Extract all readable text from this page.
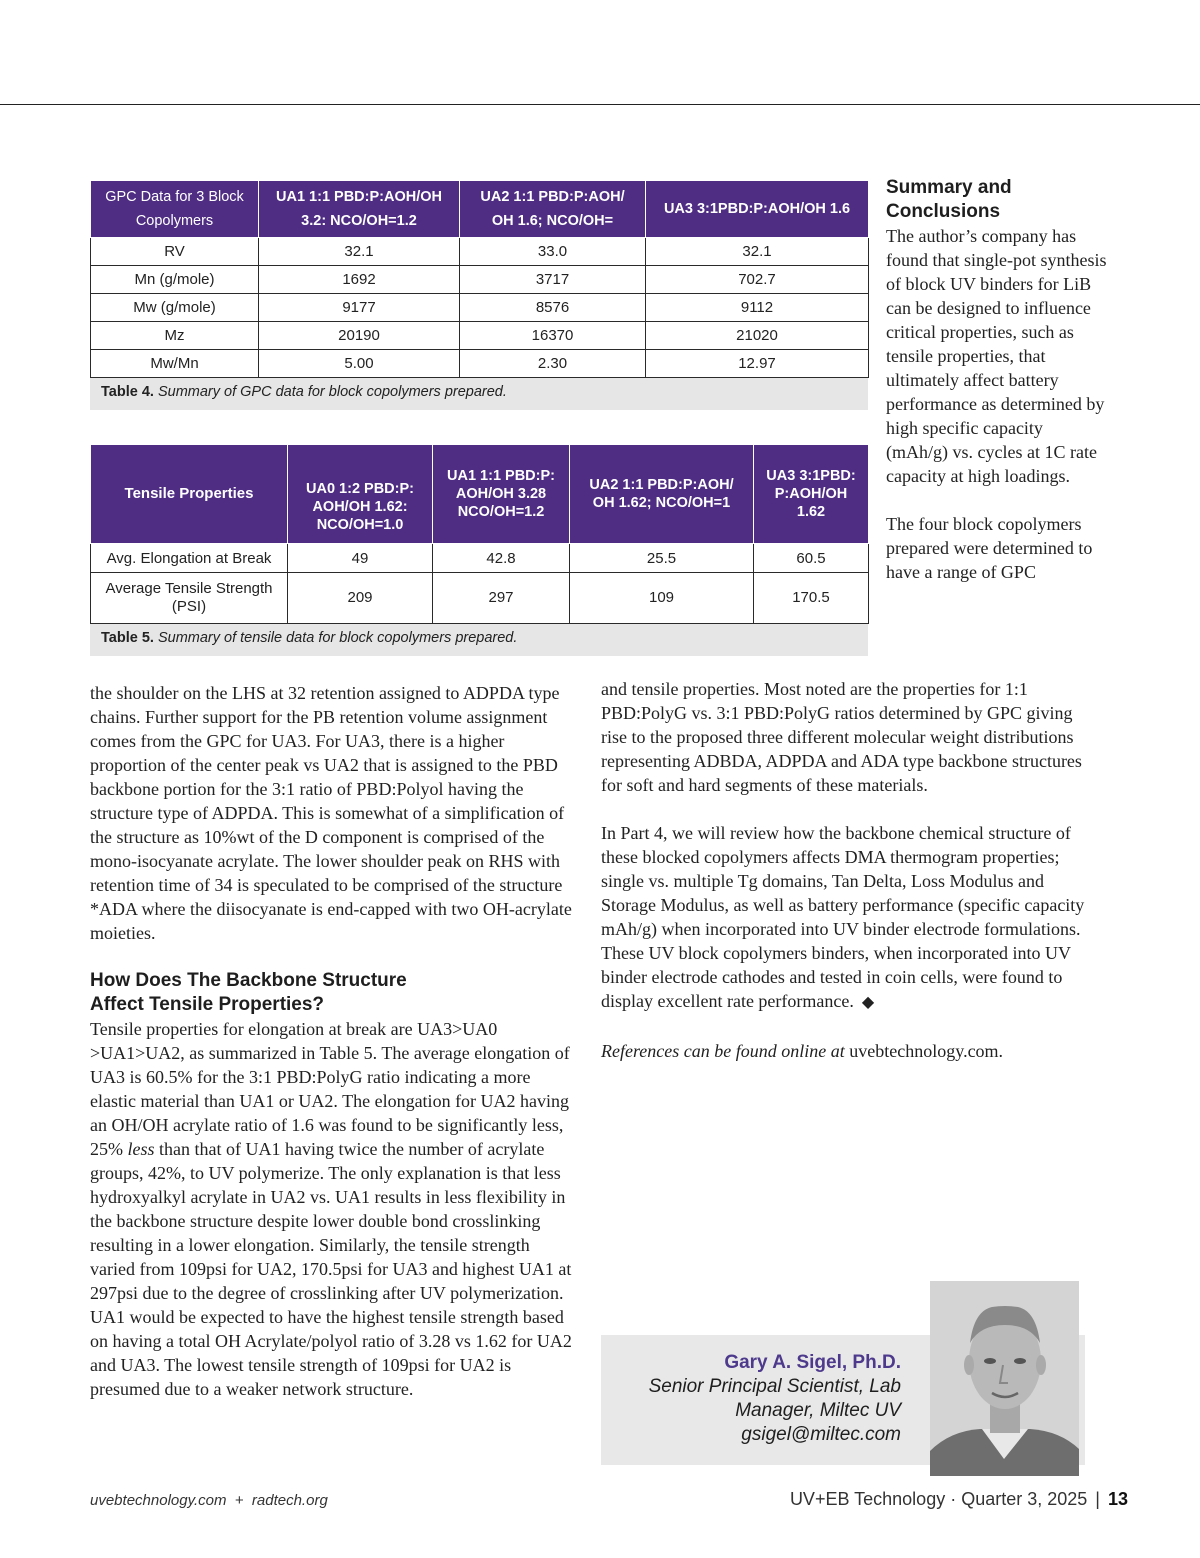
GPC Data for 3 Block Copolymers	UA1 1:1 PBD:P:AOH/OH 3.2: NCO/OH=1.2	UA2 1:1 PBD:P:AOH/ OH 1.6; NCO/OH=	UA3 3:1PBD:P:AOH/OH 1.6
RV	32.1	33.0	32.1
Mn (g/mole)	1692	3717	702.7
Mw (g/mole)	9177	8576	9112
Mz	20190	16370	21020
Mw/Mn	5.00	2.30	12.97
Table 4. Summary of GPC data for block copolymers prepared.
Tensile Properties	UA0 1:2 PBD:P: AOH/OH 1.62: NCO/OH=1.0	UA1 1:1 PBD:P: AOH/OH 3.28 NCO/OH=1.2	UA2 1:1 PBD:P:AOH/ OH 1.62; NCO/OH=1	UA3 3:1PBD: P:AOH/OH 1.62
Avg. Elongation at Break	49	42.8	25.5	60.5
Average Tensile Strength (PSI)	209	297	109	170.5
Table 5. Summary of tensile data for block copolymers prepared.
Summary and Conclusions

The author’s company has found that single-pot synthesis of block UV binders for LiB can be designed to influence critical properties, such as tensile properties, that ultimately affect battery performance as determined by high specific capacity (mAh/g) vs. cycles at 1C rate capacity at high loadings.

The four block copolymers prepared were determined to have a range of GPC

the shoulder on the LHS at 32 retention assigned to ADPDA type chains. Further support for the PB retention volume assignment comes from the GPC for UA3. For UA3, there is a higher proportion of the center peak vs UA2 that is assigned to the PBD backbone portion for the 3:1 ratio of PBD:Polyol having the structure type of ADPDA. This is somewhat of a simplification of the structure as 10%wt of the D component is comprised of the mono-isocyanate acrylate. The lower shoulder peak on RHS with retention time of 34 is speculated to be comprised of the structure *ADA where the diisocyanate is end-capped with two OH-acrylate moieties.

How Does The Backbone Structure Affect Tensile Properties?

Tensile properties for elongation at break are UA3>UA0 >UA1>UA2, as summarized in Table 5. The average elongation of UA3 is 60.5% for the 3:1 PBD:PolyG ratio indicating a more elastic material than UA1 or UA2. The elongation for UA2 having an OH/OH acrylate ratio of 1.6 was found to be significantly less, 25% less than that of UA1 having twice the number of acrylate groups, 42%, to UV polymerize. The only explanation is that less hydroxyalkyl acrylate in UA2 vs. UA1 results in less flexibility in the backbone structure despite lower double bond crosslinking resulting in a lower elongation. Similarly, the tensile strength varied from 109psi for UA2, 170.5psi for UA3 and highest UA1 at 297psi due to the degree of crosslinking after UV polymerization. UA1 would be expected to have the highest tensile strength based on having a total OH Acrylate/polyol ratio of 3.28 vs 1.62 for UA2 and UA3. The lowest tensile strength of 109psi for UA2 is presumed due to a weaker network structure.

and tensile properties. Most noted are the properties for 1:1 PBD:PolyG vs. 3:1 PBD:PolyG ratios determined by GPC giving rise to the proposed three different molecular weight distributions representing ADBDA, ADPDA and ADA type backbone structures for soft and hard segments of these materials.

In Part 4, we will review how the backbone chemical structure of these blocked copolymers affects DMA thermogram properties; single vs. multiple Tg domains, Tan Delta, Loss Modulus and Storage Modulus, as well as battery performance (specific capacity mAh/g) when incorporated into UV binder electrode formulations. These UV block copolymers binders, when incorporated into UV binder electrode cathodes and tested in coin cells, were found to display excellent rate performance. ◆

References can be found online at uvebtechnology.com.

Gary A. Sigel, Ph.D.
Senior Principal Scientist, Lab
Manager, Miltec UV
gsigel@miltec.com
uvebtechnology.com  +  radtech.org	UV+EB Technology · Quarter 3, 2025 | 13
